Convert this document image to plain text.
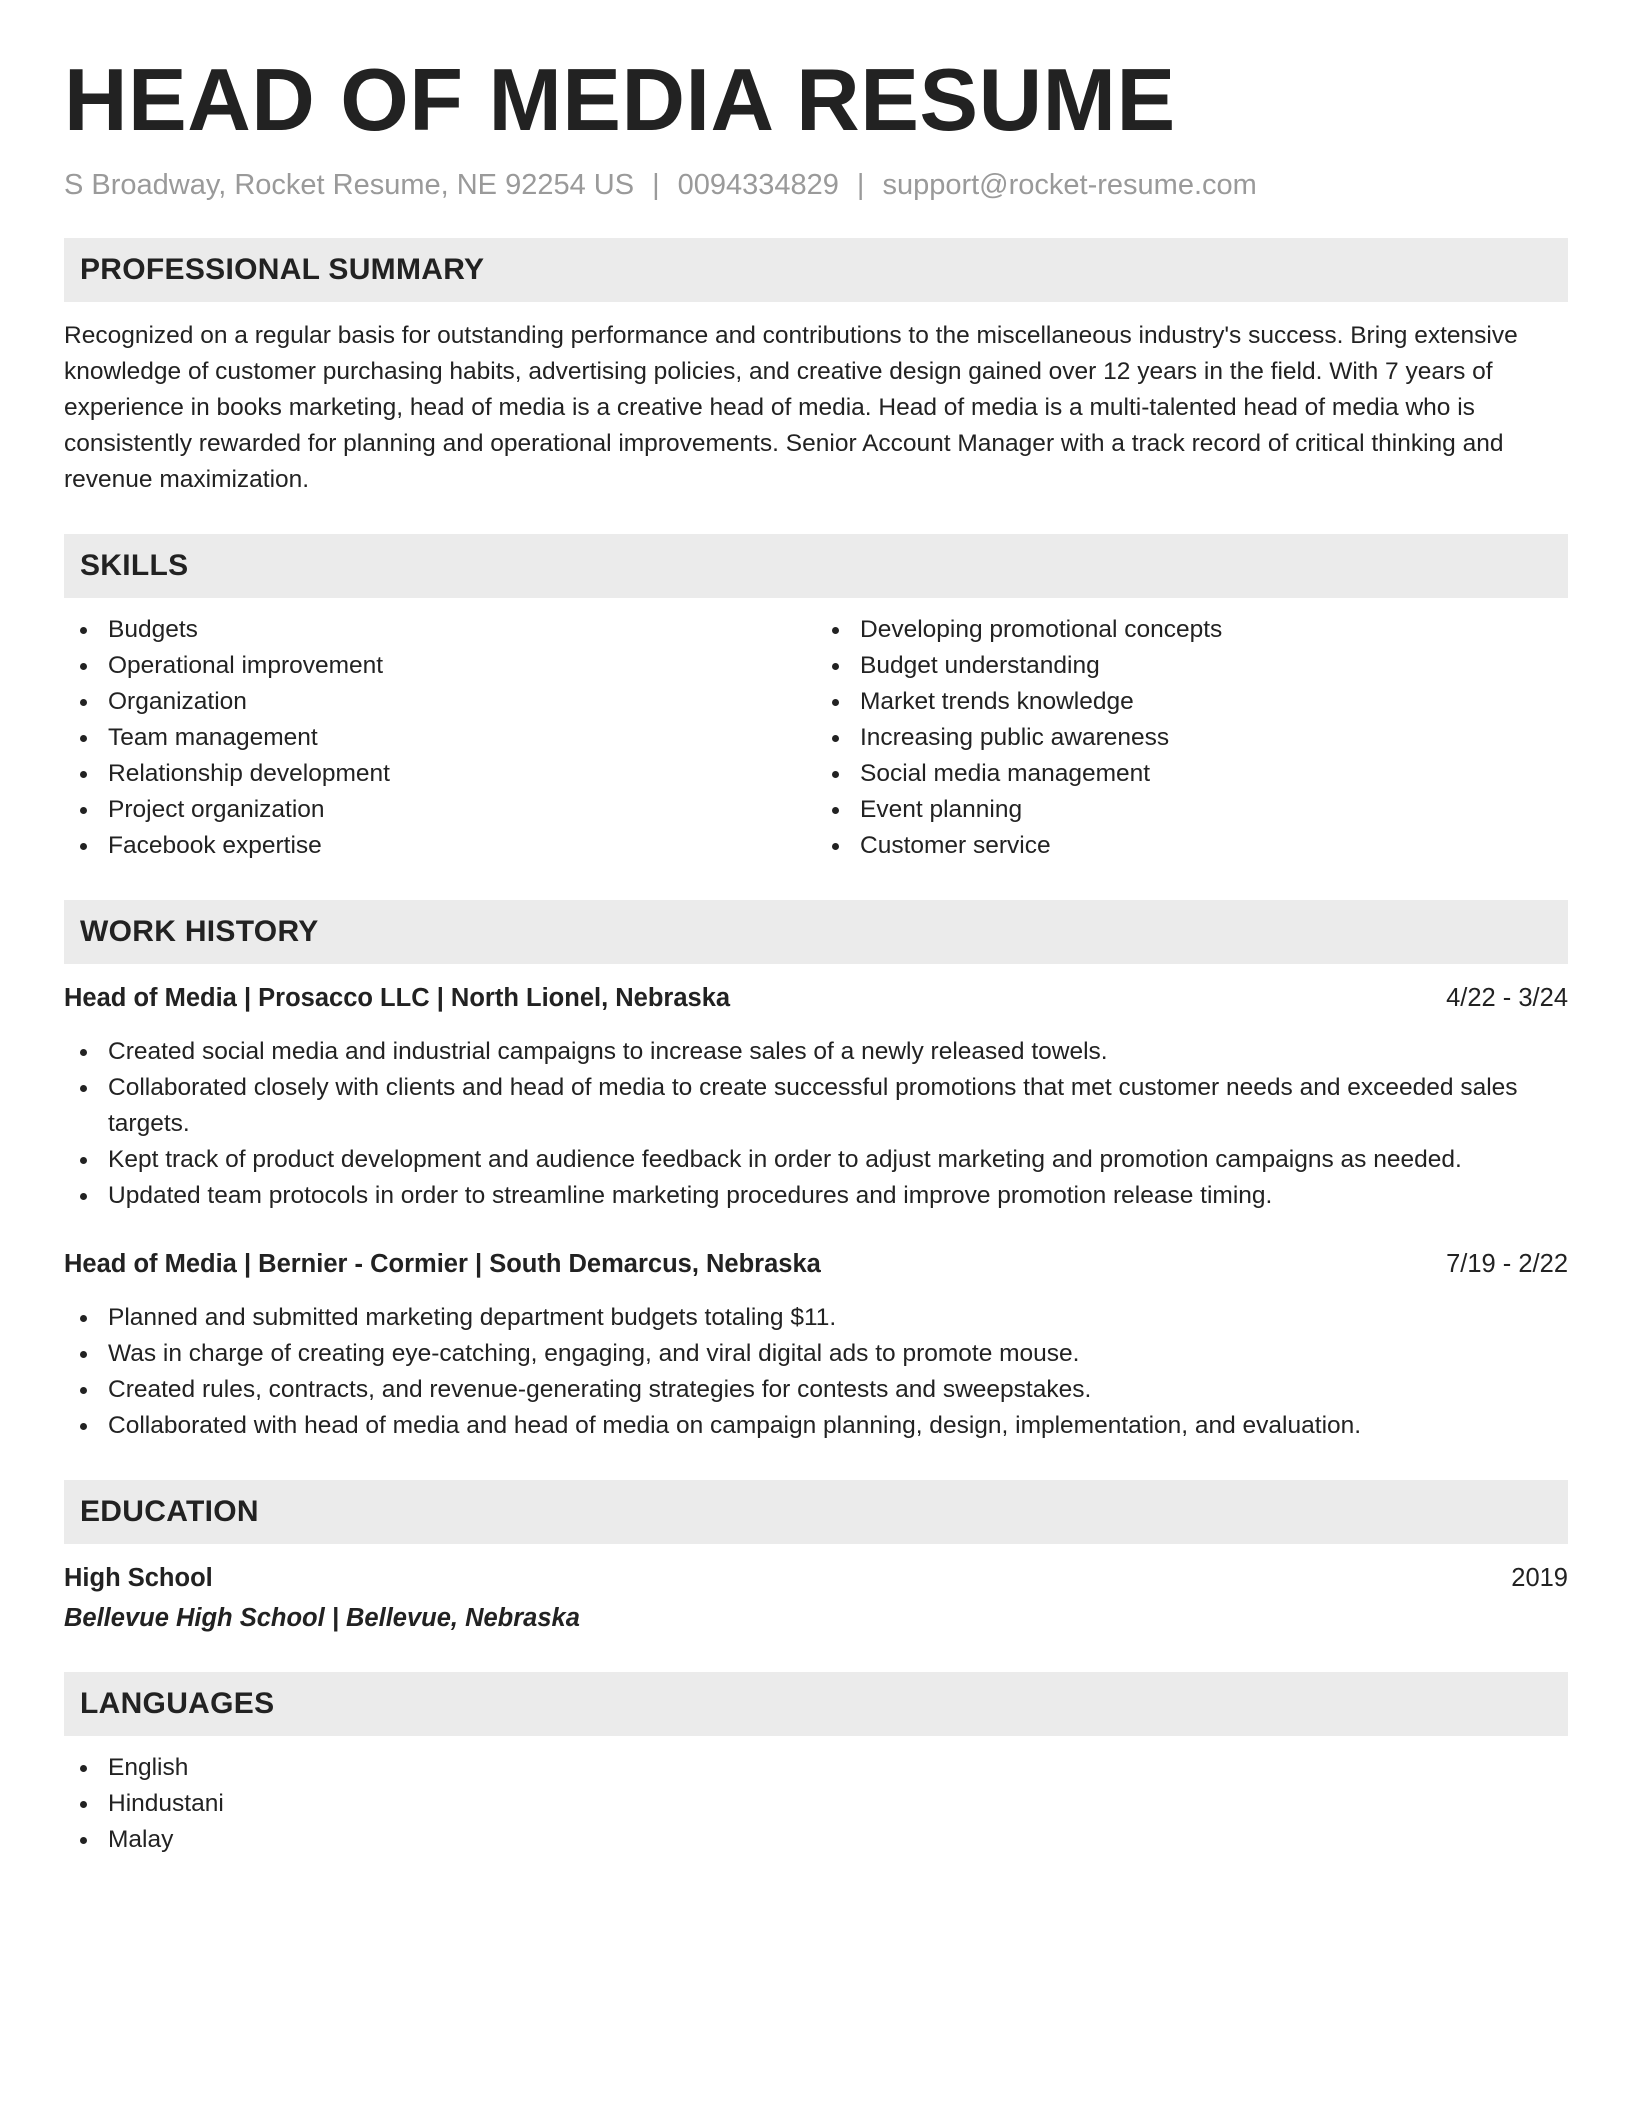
HEAD OF MEDIA RESUME
S Broadway, Rocket Resume, NE 92254 US | 0094334829 | support@rocket-resume.com
PROFESSIONAL SUMMARY

Recognized on a regular basis for outstanding performance and contributions to the miscellaneous industry's success. Bring extensive knowledge of customer purchasing habits, advertising policies, and creative design gained over 12 years in the field. With 7 years of experience in books marketing, head of media is a creative head of media. Head of media is a multi-talented head of media who is consistently rewarded for planning and operational improvements. Senior Account Manager with a track record of critical thinking and revenue maximization.

SKILLS
Budgets
Operational improvement
Organization
Team management
Relationship development
Project organization
Facebook expertise
Developing promotional concepts
Budget understanding
Market trends knowledge
Increasing public awareness
Social media management
Event planning
Customer service
WORK HISTORY
Head of Media | Prosacco LLC | North Lionel, Nebraska	4/22 - 3/24
Created social media and industrial campaigns to increase sales of a newly released towels.
Collaborated closely with clients and head of media to create successful promotions that met customer needs and exceeded sales targets.
Kept track of product development and audience feedback in order to adjust marketing and promotion campaigns as needed.
Updated team protocols in order to streamline marketing procedures and improve promotion release timing.
Head of Media | Bernier - Cormier | South Demarcus, Nebraska	7/19 - 2/22
Planned and submitted marketing department budgets totaling $11.
Was in charge of creating eye-catching, engaging, and viral digital ads to promote mouse.
Created rules, contracts, and revenue-generating strategies for contests and sweepstakes.
Collaborated with head of media and head of media on campaign planning, design, implementation, and evaluation.
EDUCATION
High School	2019
Bellevue High School | Bellevue, Nebraska
LANGUAGES
English
Hindustani
Malay
